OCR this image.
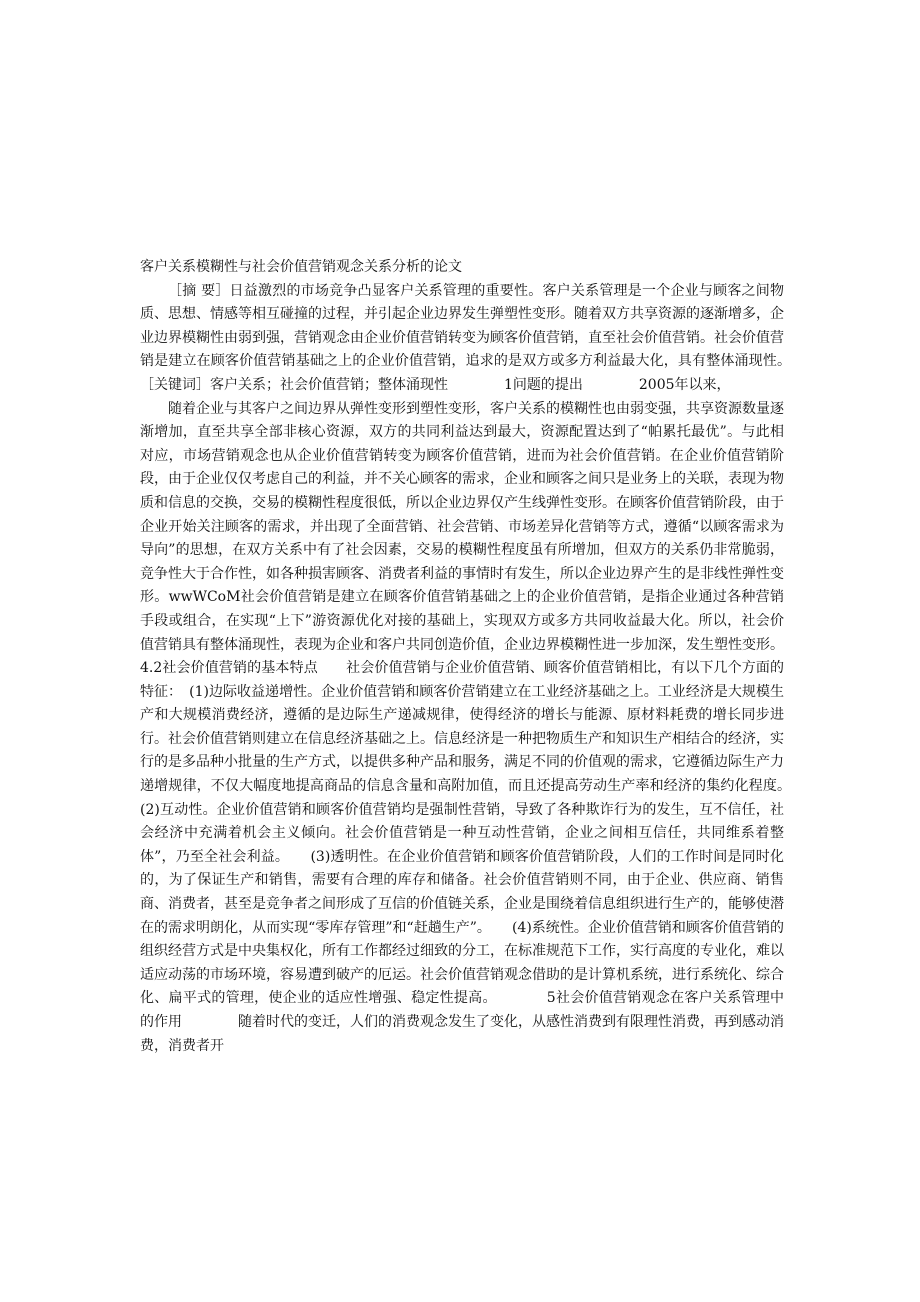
客户关系模糊性与社会价值营销观念关系分析的论文

［摘 要］日益激烈的市场竞争凸显客户关系管理的重要性。客户关系管理是一个企业与顾客之间物质、思想、情感等相互碰撞的过程，并引起企业边界发生弹塑性变形。随着双方共享资源的逐渐增多，企业边界模糊性由弱到强，营销观念由企业价值营销转变为顾客价值营销，直至社会价值营销。社会价值营销是建立在顾客价值营销基础之上的企业价值营销，追求的是双方或多方利益最大化，具有整体涌现性。　　［关键词］客户关系；社会价值营销；整体涌现性　　　　1问题的提出　　　　2005年以来，

随着企业与其客户之间边界从弹性变形到塑性变形，客户关系的模糊性也由弱变强，共享资源数量逐渐增加，直至共享全部非核心资源，双方的共同利益达到最大，资源配置达到了“帕累托最优”。与此相对应，市场营销观念也从企业价值营销转变为顾客价值营销，进而为社会价值营销。在企业价值营销阶段，由于企业仅仅考虑自己的利益，并不关心顾客的需求，企业和顾客之间只是业务上的关联，表现为物质和信息的交换，交易的模糊性程度很低，所以企业边界仅产生线弹性变形。在顾客价值营销阶段，由于企业开始关注顾客的需求，并出现了全面营销、社会营销、市场差异化营销等方式，遵循“以顾客需求为导向”的思想，在双方关系中有了社会因素，交易的模糊性程度虽有所增加，但双方的关系仍非常脆弱，竞争性大于合作性，如各种损害顾客、消费者利益的事情时有发生，所以企业边界产生的是非线性弹性变形。wwWCoM社会价值营销是建立在顾客价值营销基础之上的企业价值营销，是指企业通过各种营销手段或组合，在实现“上下”游资源优化对接的基础上，实现双方或多方共同收益最大化。所以，社会价值营销具有整体涌现性，表现为企业和客户共同创造价值，企业边界模糊性进一步加深，发生塑性变形。4.2社会价值营销的基本特点　　社会价值营销与企业价值营销、顾客价值营销相比，有以下几个方面的特征：　(1)边际收益递增性。企业价值营销和顾客价营销建立在工业经济基础之上。工业经济是大规模生产和大规模消费经济，遵循的是边际生产递减规律，使得经济的增长与能源、原材料耗费的增长同步进行。社会价值营销则建立在信息经济基础之上。信息经济是一种把物质生产和知识生产相结合的经济，实行的是多品种小批量的生产方式，以提供多种产品和服务，满足不同的价值观的需求，它遵循边际生产力递增规律，不仅大幅度地提高商品的信息含量和高附加值，而且还提高劳动生产率和经济的集约化程度。　　(2)互动性。企业价值营销和顾客价值营销均是强制性营销，导致了各种欺诈行为的发生，互不信任，社会经济中充满着机会主义倾向。社会价值营销是一种互动性营销，企业之间相互信任，共同维系着整体”，乃至全社会利益。　　(3)透明性。在企业价值营销和顾客价值营销阶段，人们的工作时间是同时化的，为了保证生产和销售，需要有合理的库存和储备。社会价值营销则不同，由于企业、供应商、销售商、消费者，甚至是竞争者之间形成了互信的价值链关系，企业是围绕着信息组织进行生产的，能够使潜在的需求明朗化，从而实现“零库存管理”和“赶趟生产”。　　(4)系统性。企业价值营销和顾客价值营销的组织经营方式是中央集权化，所有工作都经过细致的分工，在标准规范下工作，实行高度的专业化，难以适应动荡的市场环境，容易遭到破产的厄运。社会价值营销观念借助的是计算机系统，进行系统化、综合化、扁平式的管理，使企业的适应性增强、稳定性提高。　　　　5社会价值营销观念在客户关系管理中的作用　　　　随着时代的变迁，人们的消费观念发生了变化，从感性消费到有限理性消费，再到感动消费，消费者开
